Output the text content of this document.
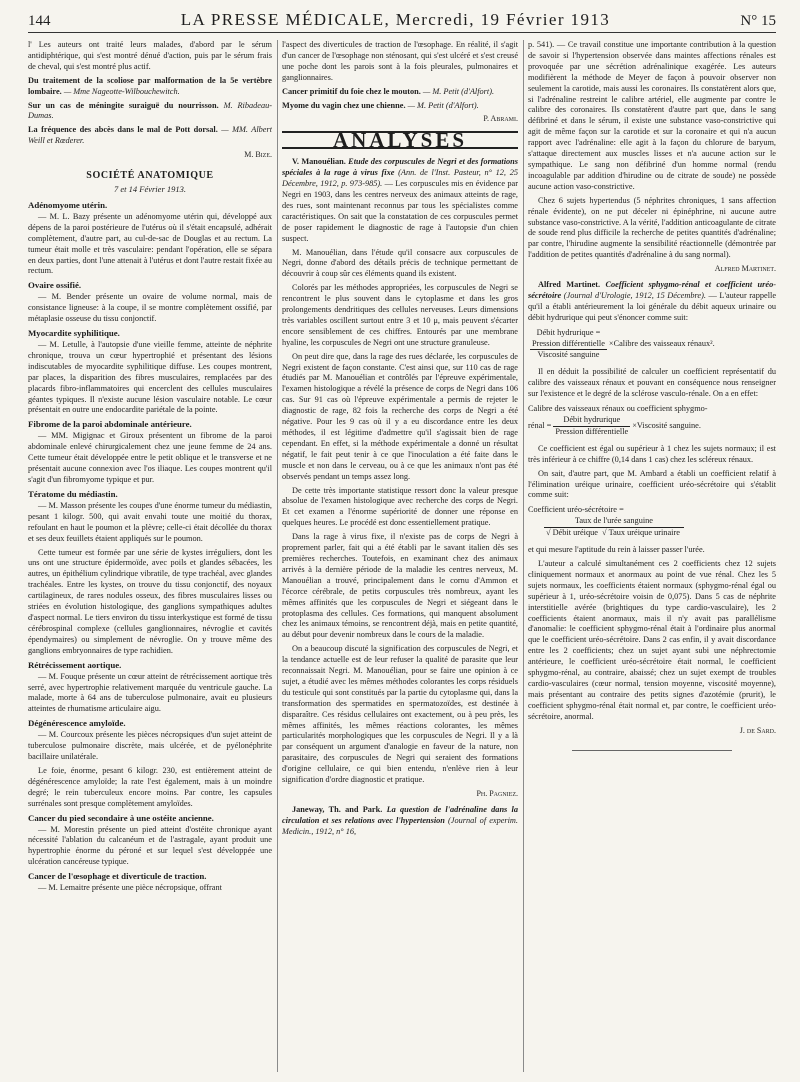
144	LA PRESSE MÉDICALE, Mercredi, 19 Février 1913	N° 15

l' Les auteurs ont traité leurs malades, d'abord par le sérum antidiphtérique, qui s'est montré dénué d'action, puis par le sérum frais de cheval, qui s'est montré plus actif.

Du traitement de la scoliose par malformation de la 5e vertèbre lombaire. — Mme Nageotte-Wilbouchewitch.
Sur un cas de méningite suraiguë du nourrisson. M. Ribadeau-Dumas.
La fréquence des abcès dans le mal de Pott dorsal. — MM. Albert Weill et Rœderer.
M. Bize.
SOCIÉTÉ ANATOMIQUE
7 et 14 Février 1913.
Adénomyome utérin.

— M. L. Bazy présente un adénomyome utérin qui, développé aux dépens de la paroi postérieure de l'utérus où il s'était encapsulé, adhérait complètement, d'autre part, au cul-de-sac de Douglas et au rectum. La tumeur était molle et très vasculaire: pendant l'opération, elle se sépara en deux parties, dont l'une attenait à l'utérus et dont l'autre restait fixée au rectum.

Ovaire ossifié.

— M. Bender présente un ovaire de volume normal, mais de consistance ligneuse: à la coupe, il se montre complètement ossifié, par métaplasie osseuse du tissu conjonctif.

Myocardite syphilitique.

— M. Letulle, à l'autopsie d'une vieille femme, atteinte de néphrite chronique, trouva un cœur hypertrophié et présentant des lésions indiscutables de myocardite syphilitique diffuse. Les coupes montrent, par places, la disparition des fibres musculaires, remplacées par des placards fibro-inflammatoires qui encerclent des cellules musculaires géantes typiques. Il n'existe aucune lésion vasculaire notable. Le cœur présentait en outre une endocardite pariétale de la pointe.

Fibrome de la paroi abdominale antérieure.

— MM. Migignac et Giroux présentent un fibrome de la paroi abdominale enlevé chirurgicalement chez une jeune femme de 24 ans. Cette tumeur était développée entre le petit oblique et le transverse et ne présentait aucune connexion avec l'os iliaque. Les coupes montrent qu'il s'agit d'un fibromyome typique et pur.

Tératome du médiastin.

— M. Masson présente les coupes d'une énorme tumeur du médiastin, pesant 1 kilogr. 500, qui avait envahi toute une moitié du thorax, refoulant en haut le poumon et la plèvre; celle-ci était décollée du thorax et ses deux feuillets étaient appliqués sur le poumon.

Cette tumeur est formée par une série de kystes irréguliers, dont les uns ont une structure épidermoïde, avec poils et glandes sébacées, les autres, un épithélium cylindrique vibratile, de type trachéal, avec glandes trachéales. Entre les kystes, on trouve du tissu conjonctif, des noyaux cartilagineux, de rares nodules osseux, des fibres musculaires lisses ou striées en évolution histologique, des ganglions sympathiques adultes d'aspect normal. Le tiers environ du tissu interkystique est formé de tissu cérébrospinal complexe (cellules ganglionnaires, névroglie et cavités épendymaires) ou simplement de névroglie. On y trouve même des ganglions embryonnaires de type rachidien.

Rétrécissement aortique.

— M. Fouque présente un cœur atteint de rétrécissement aortique très serré, avec hypertrophie relativement marquée du ventricule gauche. La malade, morte à 64 ans de tuberculose pulmonaire, avait eu plusieurs atteintes de rhumatisme articulaire aigu.

Dégénérescence amyloïde.

— M. Courcoux présente les pièces nécropsiques d'un sujet atteint de tuberculose pulmonaire discrète, mais ulcérée, et de pyélonéphrite bacillaire unilatérale.

Le foie, énorme, pesant 6 kilogr. 230, est entièrement atteint de dégénérescence amyloïde; la rate l'est également, mais à un moindre degré; le rein tuberculeux encore moins. Par contre, les capsules surrénales sont presque complètement amyloïdes.

Cancer du pied secondaire à une ostéite ancienne.

— M. Morestin présente un pied atteint d'ostéite chronique ayant nécessité l'ablation du calcanéum et de l'astragale, ayant produit une hypertrophie énorme du péroné et sur lequel s'est développée une ulcération cancéreuse typique.

Cancer de l'œsophage et diverticule de traction.

— M. Lemaitre présente une pièce nécropsique, offrant

l'aspect des diverticules de traction de l'œsophage. En réalité, il s'agit d'un cancer de l'œsophage non sténosant, qui s'est ulcéré et s'est creusé une poche dont les parois sont à la fois pleurales, pulmonaires et ganglionnaires.

Cancer primitif du foie chez le mouton. — M. Petit (d'Alfort).
Myome du vagin chez une chienne. — M. Petit (d'Alfort).
P. Abrami.
ANALYSES

V. Manouélian. Etude des corpuscules de Negri et des formations spéciales à la rage à virus fixe (Ann. de l'Inst. Pasteur, n° 12, 25 Décembre, 1912, p. 973-985). — Les corpuscules mis en évidence par Negri en 1903, dans les centres nerveux des animaux atteints de rage, des rues, sont maintenant reconnus par tous les spécialistes comme caractéristiques. On sait que la constatation de ces corpuscules permet de poser rapidement le diagnostic de rage à l'autopsie d'un chien suspect.

M. Manouélian, dans l'étude qu'il consacre aux corpuscules de Negri, donne d'abord des détails précis de technique permettant de découvrir à coup sûr ces éléments quand ils existent.

Colorés par les méthodes appropriées, les corpuscules de Negri se rencontrent le plus souvent dans le cytoplasme et dans les gros prolongements dendritiques des cellules nerveuses. Leurs dimensions très variables oscillent surtout entre 3 et 10 μ, mais peuvent s'écarter encore sensiblement de ces chiffres. Entourés par une membrane hyaline, les corpuscules de Negri ont une structure granuleuse.

On peut dire que, dans la rage des rues déclarée, les corpuscules de Negri existent de façon constante. C'est ainsi que, sur 110 cas de rage étudiés par M. Manouélian et contrôlés par l'épreuve expérimentale, l'examen histologique a révélé la présence de corps de Negri dans 106 cas. Sur 91 cas où l'épreuve expérimentale a permis de rejeter le diagnostic de rage, 82 fois la recherche des corps de Negri a été négative. Pour les 9 cas où il y a eu discordance entre les deux méthodes, il est légitime d'admettre qu'il s'agissait bien de rage cependant. En effet, si la méthode expérimentale a donné un résultat négatif, le fait peut tenir à ce que l'inoculation a été faite dans le muscle et non dans le cerveau, ou à ce que les animaux n'ont pas été observés pendant un temps assez long.

De cette très importante statistique ressort donc la valeur presque absolue de l'examen histologique avec recherche des corps de Negri. Et cet examen a l'énorme supériorité de donner une réponse en quelques heures. Le procédé est donc essentiellement pratique.

Dans la rage à virus fixe, il n'existe pas de corps de Negri à proprement parler, fait qui a été établi par le savant italien dès ses premières recherches. Toutefois, en examinant chez des animaux arrivés à la dernière période de la maladie les centres nerveux, M. Manouélian a trouvé, principalement dans le cornu d'Ammon et l'écorce cérébrale, de petits corpuscules très nombreux, ayant les mêmes affinités que les corpuscules de Negri et siégeant dans le protoplasma des cellules. Ces formations, qui manquent absolument chez les animaux témoins, se rencontrent déjà, mais en petite quantité, au début pour devenir nombreux dans le cours de la maladie.

On a beaucoup discuté la signification des corpuscules de Negri, et la tendance actuelle est de leur refuser la qualité de parasite que leur reconnaissait Negri. M. Manouélian, pour se faire une opinion à ce sujet, a étudié avec les mêmes méthodes colorantes les corps résiduels du testicule qui sont constitués par la partie du cytoplasme qui, dans la transformation des spermatides en spermatozoïdes, est destinée à disparaître. Ces résidus cellulaires ont exactement, ou à peu près, les mêmes affinités, les mêmes réactions colorantes, les mêmes particularités morphologiques que les corpuscules de Negri. Il y a là par conséquent un argument d'analogie en faveur de la nature, non parasitaire, des corpuscules de Negri qui seraient des formations d'origine cellulaire, ce qui bien entendu, n'enlève rien à leur signification d'ordre diagnostic et pratique.

Ph. Pagniez.

Janeway, Th. and Park. La question de l'adrénaline dans la circulation et ses relations avec l'hypertension (Journal of experim. Medicin., 1912, n° 16,

p. 541). — Ce travail constitue une importante contribution à la question de savoir si l'hypertension observée dans maintes affections rénales est provoquée par une sécrétion adrénalinique exagérée. Les auteurs modifièrent la méthode de Meyer de façon à pouvoir observer non seulement la carotide, mais aussi les coronaires. Ils constatèrent alors que, si l'adrénaline restreint le calibre artériel, elle augmente par contre le calibre des coronaires. Ils constatèrent d'autre part que, dans le sang défibriné et dans le sérum, il existe une substance vaso-constrictive qui agit de même façon sur la carotide et sur la coronaire et qui n'a aucun rapport avec l'adrénaline: elle agit à la façon du chlorure de baryum, s'attaque directement aux muscles lisses et n'a aucune action sur le sympathique. Le sang non défibriné d'un homme normal (rendu incoagulable par addition d'hirudine ou de citrate de soude) ne possède aucune action vaso-constrictive.

Chez 6 sujets hypertendus (5 néphrites chroniques, 1 sans affection rénale évidente), on ne put déceler ni épinéphrine, ni aucune autre substance vaso-constrictive. A la vérité, l'addition anticoagulante de citrate de soude rend plus difficile la recherche de petites quantités d'adrénaline; par contre, l'hirudine augmente la sensibilité réactionnelle (démontrée par l'addition de petites quantités d'adrénaline à du sang normal).

Alfred Martinet.

Alfred Martinet. Coefficient sphygmo-rénal et coefficient uréo-sécrétoire (Journal d'Urologie, 1912, 15 Décembre). — L'auteur rappelle qu'il a établi antérieurement la loi générale du débit aqueux urinaire ou débit hydrurique qui peut s'énoncer comme suit:

Débit hydrurique =
Pression différentielle
Viscosité sanguine
× Calibre des vaisseaux rénaux².

Il en déduit la possibilité de calculer un coefficient représentatif du calibre des vaisseaux rénaux et pouvant en conséquence nous renseigner sur l'existence et le degré de la sclérose vasculo-rénale. On a en effet:

Calibre des vaisseaux rénaux ou coefficient sphygmo-
rénal = $\frac{\text{Débit hydrurique}}{\text{Pression différentielle}}$ × Viscosité sanguine.

Ce coefficient est égal ou supérieur à 1 chez les sujets normaux; il est très inférieur à ce chiffre (0,14 dans 1 cas) chez les scléreux rénaux.

On sait, d'autre part, que M. Ambard a établi un coefficient relatif à l'élimination uréique urinaire, coefficient uréo-sécrétoire qui s'établit comme suit:

Coefficient uréo-sécrétoire =
$\frac{\text{Taux de l'urée sanguine}}{\text{√ Débit uréique √ Taux uréique urinaire}}$

et qui mesure l'aptitude du rein à laisser passer l'urée.

L'auteur a calculé simultanément ces 2 coefficients chez 12 sujets cliniquement normaux et anormaux au point de vue rénal. Chez les 5 sujets normaux, les coefficients étaient normaux (sphygmo-rénal égal ou supérieur à 1, uréo-sécrétoire voisin de 0,075). Dans 5 cas de néphrite interstitielle avérée (brightiques du type cardio-vasculaire), les 2 coefficients étaient anormaux, mais il n'y avait pas parallélisme d'anomalie: le coefficient sphygmo-rénal était à l'ordinaire plus anormal que le coefficient uréo-sécrétoire. Dans 2 cas enfin, il y avait discordance entre les 2 coefficients; chez un sujet ayant subi une néphrectomie antérieure, le coefficient uréo-sécrétoire était normal, le coefficient sphygmo-rénal, au contraire, abaissé; chez un sujet exempt de troubles cardio-vasculaires (cœur normal, tension moyenne, viscosité moyenne), mais présentant au contraire des petits signes d'azotémie (prurit), le coefficient sphygmo-rénal était normal et, par contre, le coefficient uréo-sécrétoire, anormal.

J. de Sard.
